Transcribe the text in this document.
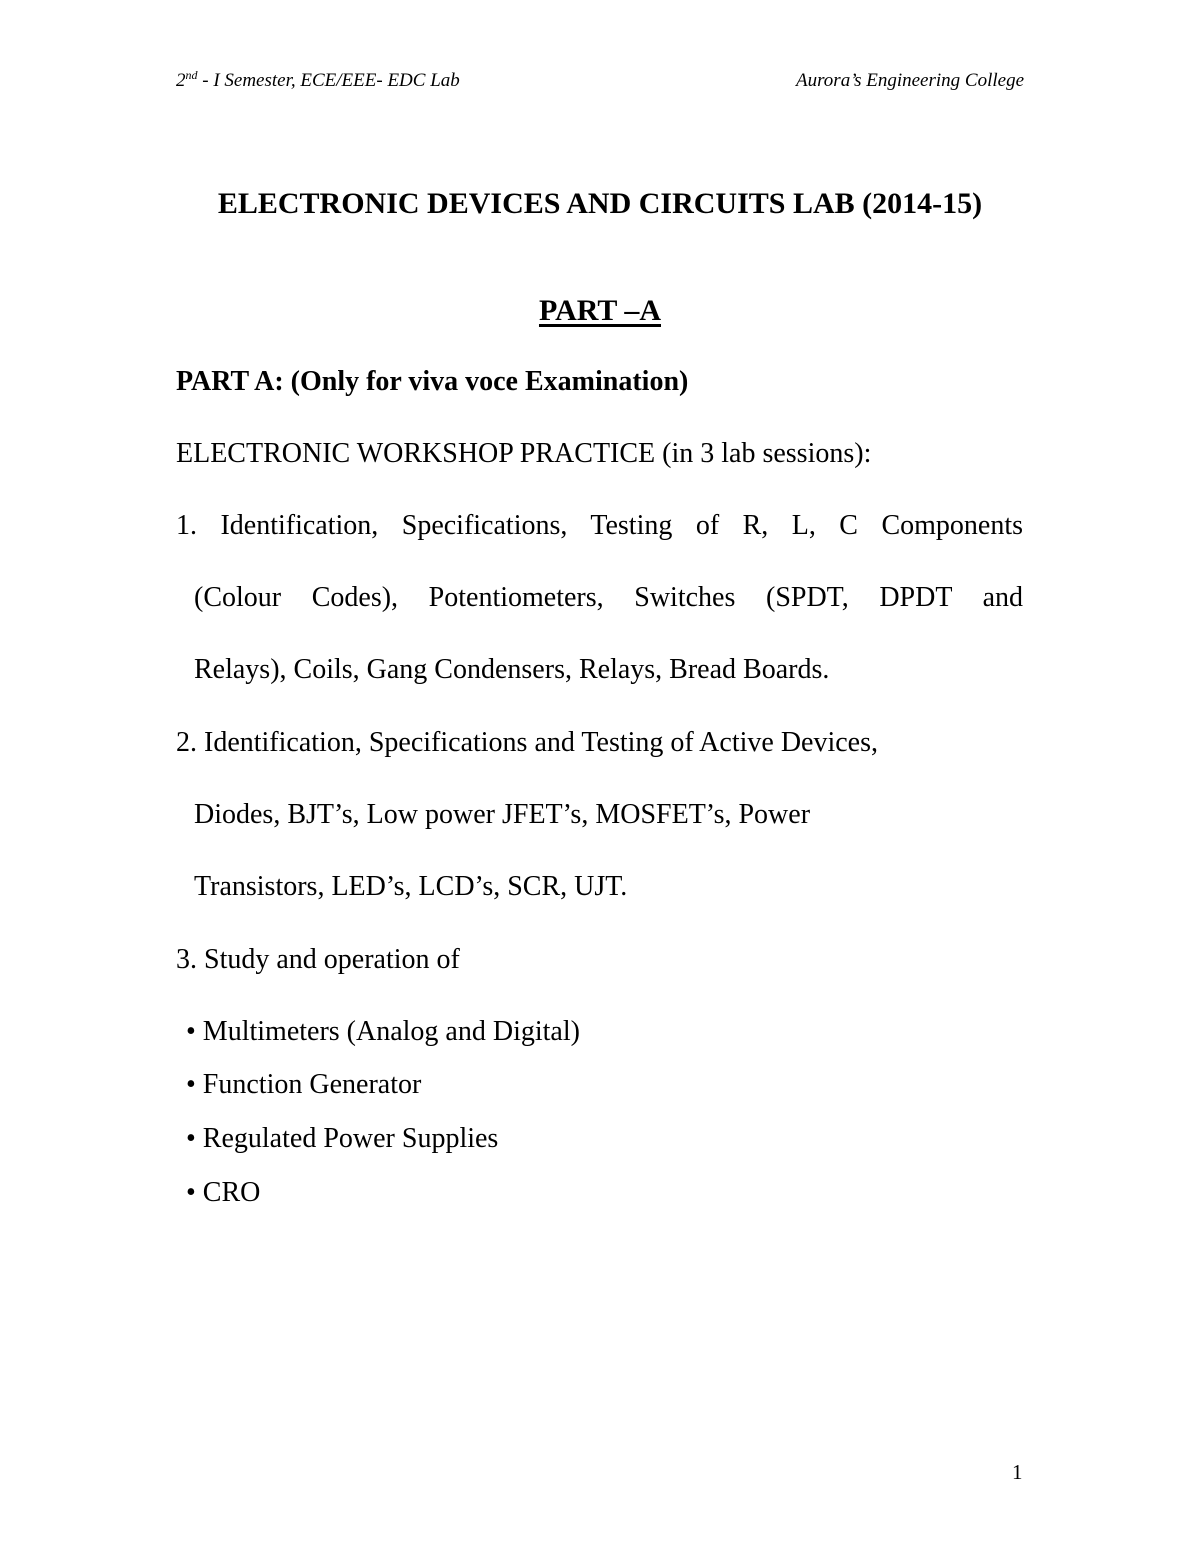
2nd - I Semester, ECE/EEE- EDC Lab	Aurora’s Engineering College
ELECTRONIC DEVICES AND CIRCUITS LAB (2014-15)
PART –A
PART A: (Only for viva voce Examination)
ELECTRONIC WORKSHOP PRACTICE (in 3 lab sessions):
1. Identification, Specifications, Testing of R, L, C Components
(Colour Codes), Potentiometers, Switches (SPDT, DPDT and
Relays), Coils, Gang Condensers, Relays, Bread Boards.
2. Identification, Specifications and Testing of Active Devices,
Diodes, BJT’s, Low power JFET’s, MOSFET’s, Power
Transistors, LED’s, LCD’s, SCR, UJT.
3. Study and operation of
• Multimeters (Analog and Digital)
• Function Generator
• Regulated Power Supplies
• CRO
1
